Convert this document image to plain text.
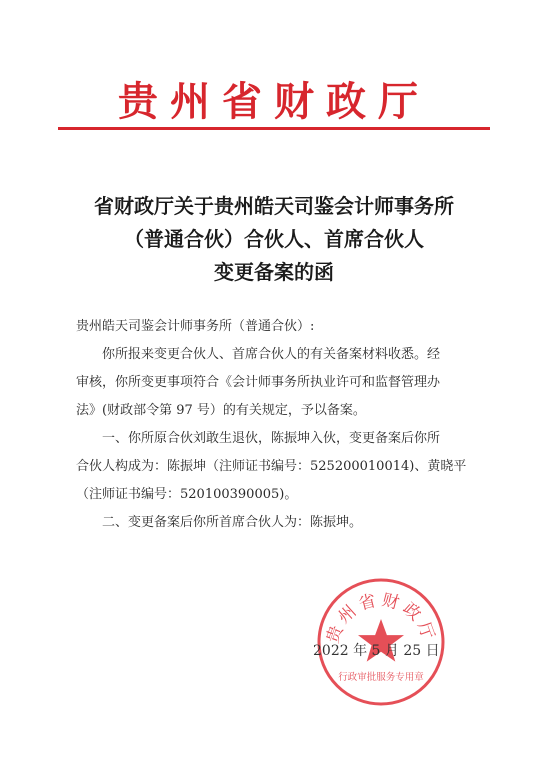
贵州省财政厅
省财政厅关于贵州皓天司鉴会计师事务所
（普通合伙）合伙人、首席合伙人
变更备案的函
贵州皓天司鉴会计师事务所（普通合伙）:
你所报来变更合伙人、首席合伙人的有关备案材料收悉。经
审核，你所变更事项符合《会计师事务所执业许可和监督管理办
法》(财政部令第 97 号）的有关规定，予以备案。
一、你所原合伙刘敢生退伙，陈振坤入伙，变更备案后你所
合伙人构成为：陈振坤（注师证书编号：525200010014)、黄晓平
（注师证书编号：520100390005)。
二、变更备案后你所首席合伙人为：陈振坤。
贵州省财政厅
行政审批服务专用章
2022 年 5 月 25 日
